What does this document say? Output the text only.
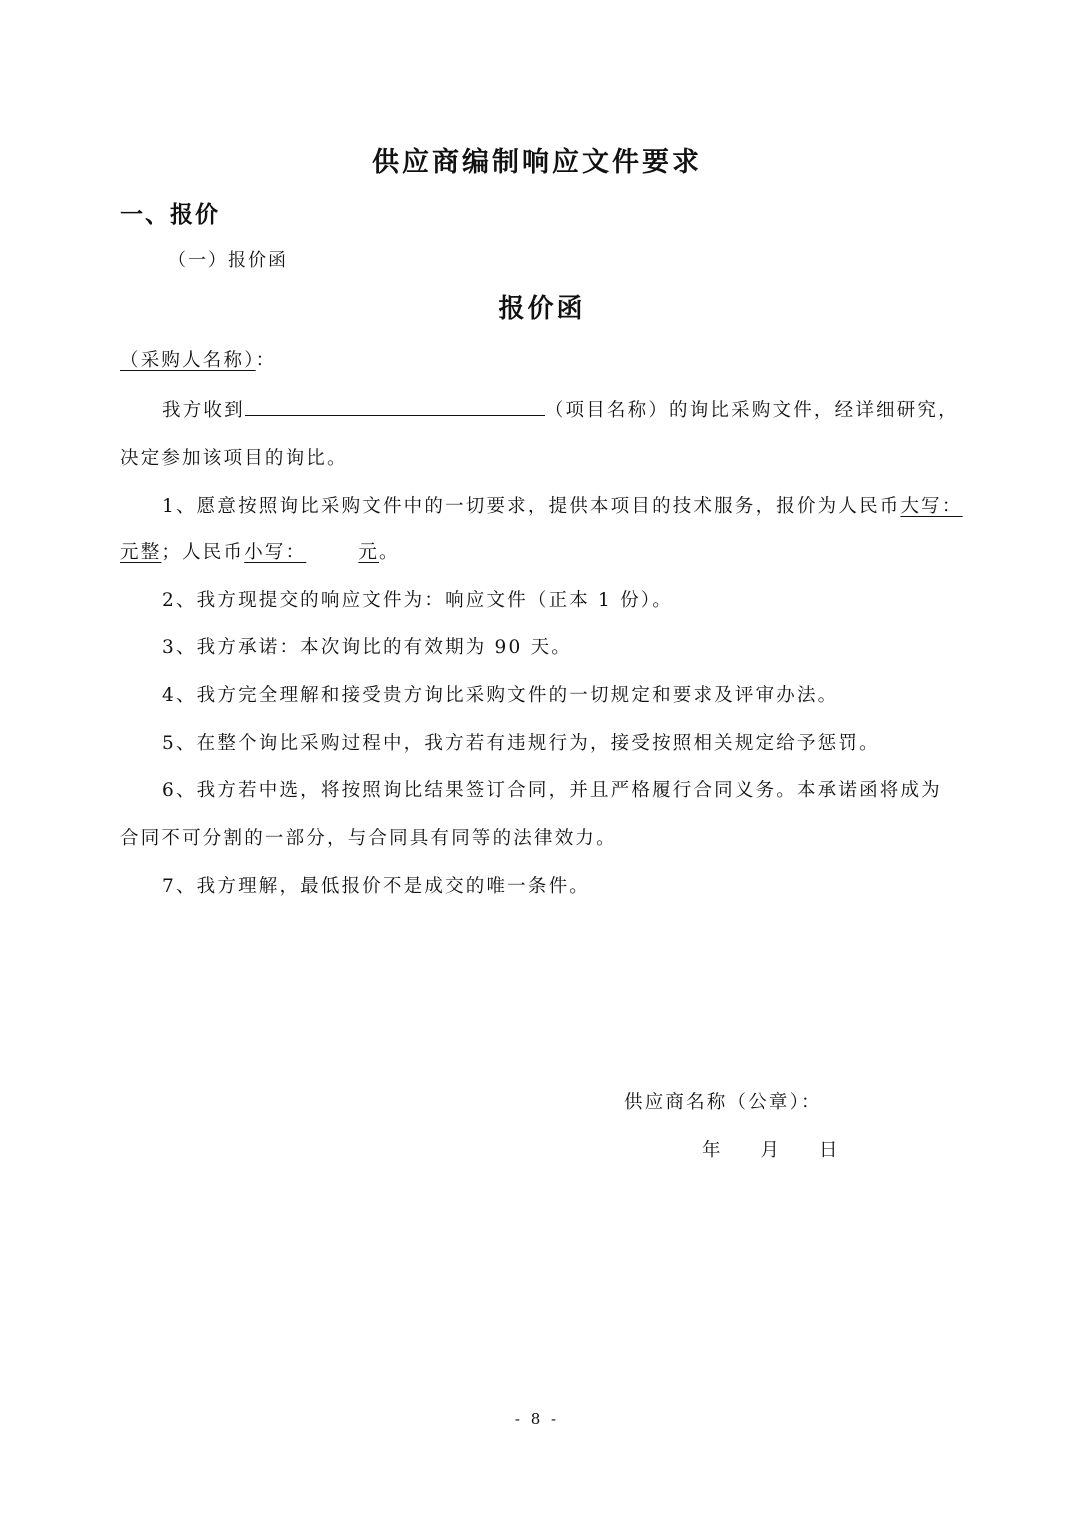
供应商编制响应文件要求
一、报价
（一）报价函
报价函
（采购人名称）：
我方收到	（项目名称）的询比采购文件，经详细研究，
决定参加该项目的询比。
1、愿意按照询比采购文件中的一切要求，提供本项目的技术服务，报价为人民币大写：
元整；人民币小写：	元。
2、我方现提交的响应文件为：响应文件（正本 1 份）。
3、我方承诺：本次询比的有效期为 90 天。
4、我方完全理解和接受贵方询比采购文件的一切规定和要求及评审办法。
5、在整个询比采购过程中，我方若有违规行为，接受按照相关规定给予惩罚。
6、我方若中选，将按照询比结果签订合同，并且严格履行合同义务。本承诺函将成为
合同不可分割的一部分，与合同具有同等的法律效力。
7、我方理解，最低报价不是成交的唯一条件。
供应商名称（公章）：
年 月 日
- 8 -
